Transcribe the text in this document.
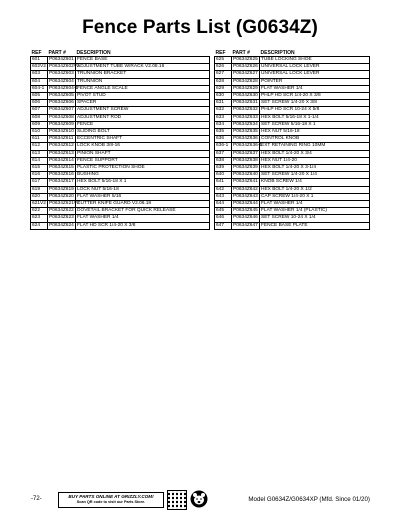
Fence Parts List (G0634Z)
REF	PART #	DESCRIPTION
601	P0634Z601	FENCE BASE
602V2	P0634Z602V2	ADJUSTMENT TUBE W/RACK V2.08.16
603	P0634Z603	TRUNNION BRACKET
604	P0634Z604	TRUNNION
604-1	P0634Z604-1	FENCE ANGLE SCALE
605	P0634Z605	PIVOT STUD
606	P0634Z606	SPACER
607	P0634Z607	ADJUSTMENT SCREW
608	P0634Z608	ADJUSTMENT ROD
609	P0634Z609	FENCE
610	P0634Z610	SLIDING BOLT
611	P0634Z611	ECCENTRIC SHAFT
612	P0634Z612	LOCK KNOB 3/8-16
613	P0634Z613	PINION SHAFT
614	P0634Z614	FENCE SUPPORT
615	P0634Z615	PLASTIC PROTECTION SHOE
616	P0634Z616	BUSHING
617	P0634Z617	HEX BOLT 5/16-18 X 1
619	P0634Z619	LOCK NUT 5/16-18
620	P0634Z620	FLAT WASHER 5/16
621V2	P0634Z621V2	CUTTER KNIFE GUARD V2.06.18
622	P0634Z622	DOVETAIL BRACKET FOR QUICK RELEASE
623	P0634Z623	FLAT WASHER 1/4
624	P0634Z624	FLAT HD SCR 1/4-20 X 3/8
REF	PART #	DESCRIPTION
625	P0634Z625	TUBE LOCKING SHOE
626	P0634Z626	UNIVERSAL LOCK LEVER
627	P0634Z627	UNIVERSAL LOCK LEVER
628	P0634Z628	POINTER
629	P0634Z629	FLAT WASHER 1/4
630	P0634Z630	PHLP HD SCR 1/4-20 X 3/8
631	P0634Z631	SET SCREW 1/4-20 X 3/8
632	P0634Z632	PHLP HD SCR 10-24 X 5/8
633	P0634Z633	HEX BOLT 5/16-18 X 1-1/4
634	P0634Z634	SET SCREW 5/16-18 X 1
635	P0634Z635	HEX NUT 5/16-18
636	P0634Z636	CONTROL KNOB
636-1	P0634Z636-1	EXT RETAINING RING 10MM
637	P0634Z637	HEX BOLT 1/4-20 X 3/4
638	P0634Z638	HEX NUT 1/4-20
639	P0634Z639	HEX BOLT 1/4-20 X 3-1/4
640	P0634Z640	SET SCREW 1/4-20 X 1/4
641	P0634Z641	KNOB SCREW 1/4
642	P0634Z642	HEX BOLT 1/4-20 X 1/2
643	P0634Z643	CAP SCREW 1/4-20 X 1
644	P0634Z644	FLAT WASHER 1/4
645	P0634Z645	FLAT WASHER 1/4 (PLASTIC)
646	P0634Z646	SET SCREW 10-24 X 1/4
647	P0634Z647	FENCE BASE PLATE
-72-	BUY PARTS ONLINE AT GRIZZLY.COM!
Scan QR code to visit our Parts Store.	Model G0634Z/G0634XP (Mfd. Since 01/20)
